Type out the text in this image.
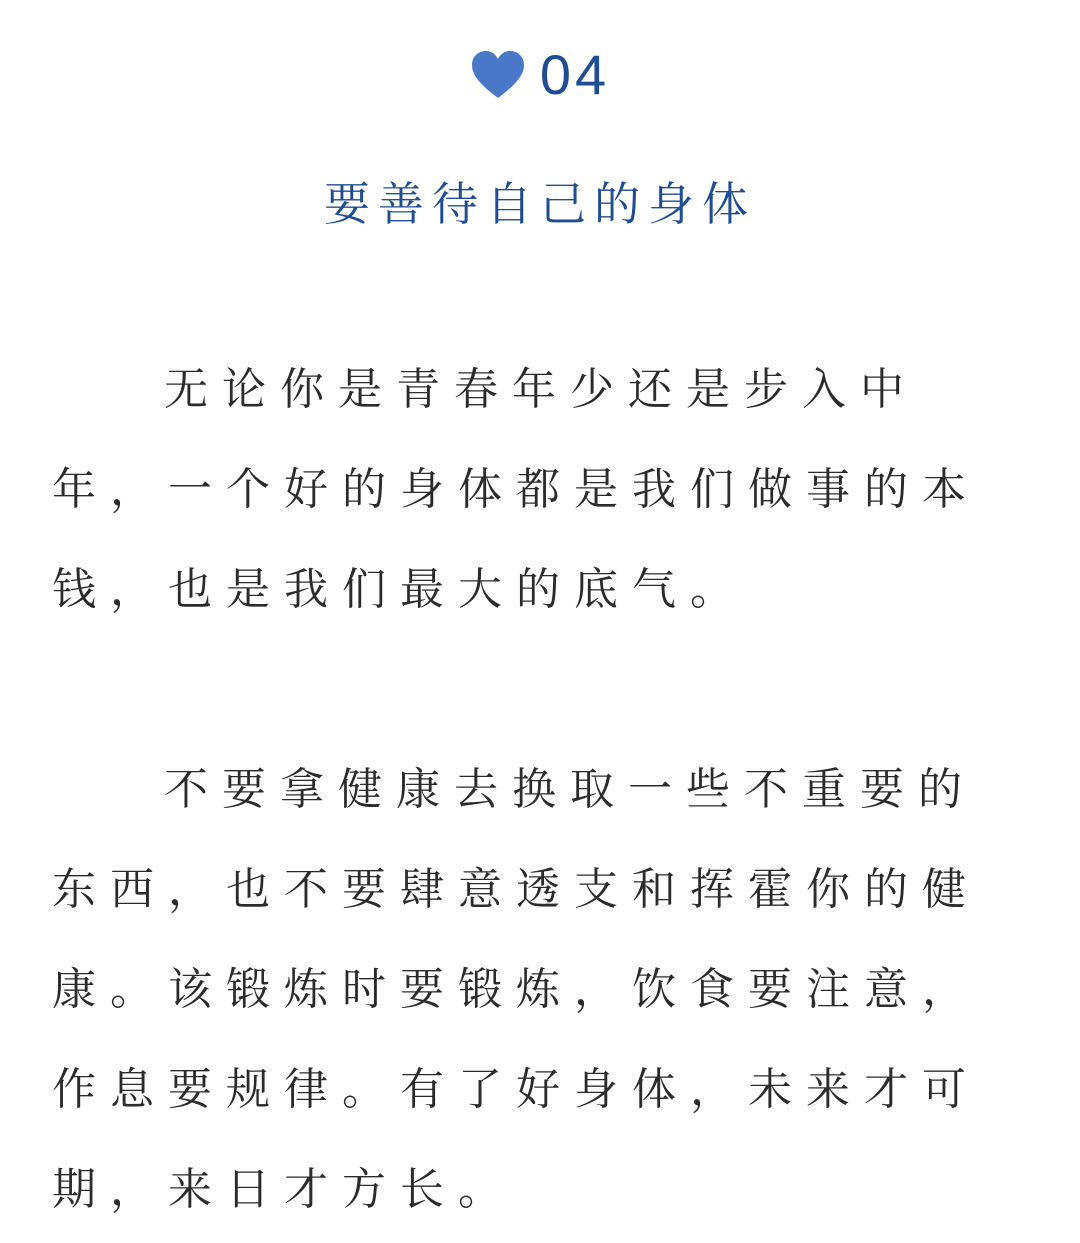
04
要善待自己的身体

无论你是青春年少还是步入中年，一个好的身体都是我们做事的本钱，也是我们最大的底气。

不要拿健康去换取一些不重要的东西，也不要肆意透支和挥霍你的健康。该锻炼时要锻炼，饮食要注意，作息要规律。有了好身体，未来才可期，来日才方长。
